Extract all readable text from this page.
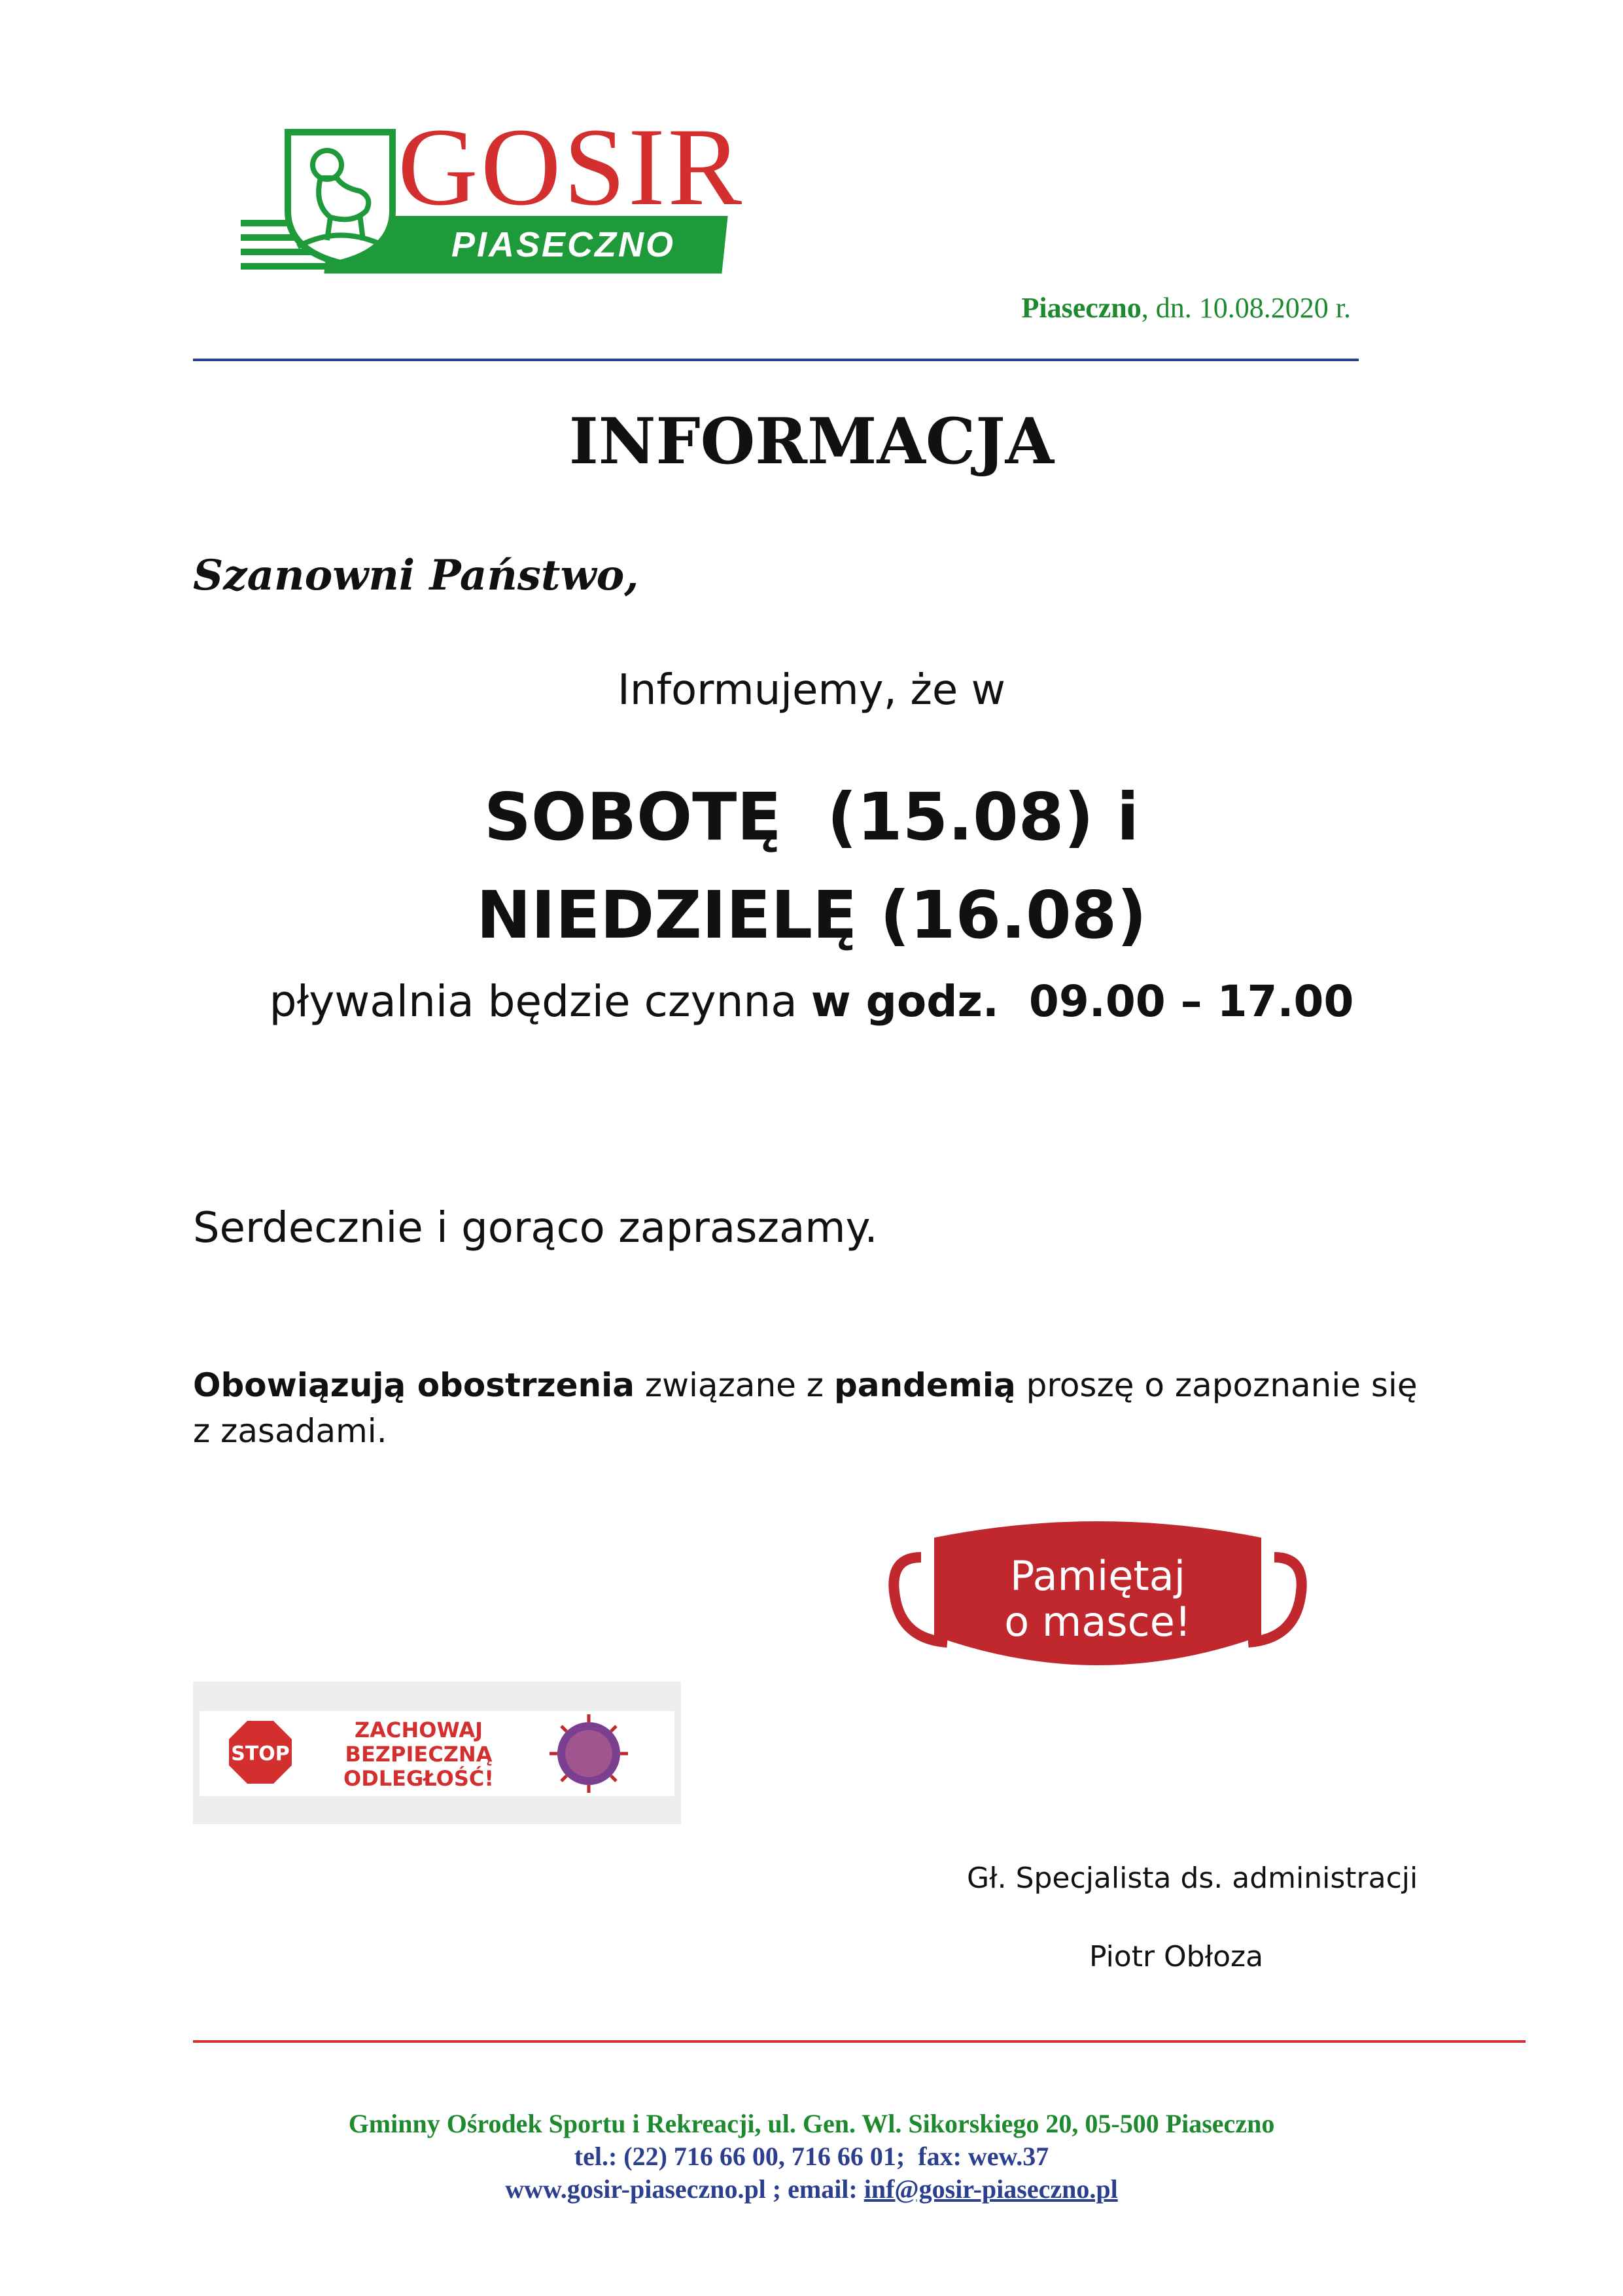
PIASECZNO
GOSIR
Piaseczno, dn. 10.08.2020 r.
INFORMACJA
Szanowni Państwo,
Informujemy, że w
SOBOTĘ  (15.08) i
NIEDZIELĘ (16.08)
pływalnia będzie czynna w godz.  09.00 – 17.00
Serdecznie i gorąco zapraszamy.
Obowiązują obostrzenia związane z pandemią proszę o zapoznanie się z zasadami.
Pamiętaj
o masce!
STOP
ZACHOWAJ
BEZPIECZNĄ
ODLEGŁOŚĆ!
Gł. Specjalista ds. administracji
Piotr Obłoza
Gminny Ośrodek Sportu i Rekreacji, ul. Gen. Wl. Sikorskiego 20, 05-500 Piaseczno
tel.: (22) 716 66 00, 716 66 01;  fax: wew.37
www.gosir-piaseczno.pl ; email: inf@gosir-piaseczno.pl
